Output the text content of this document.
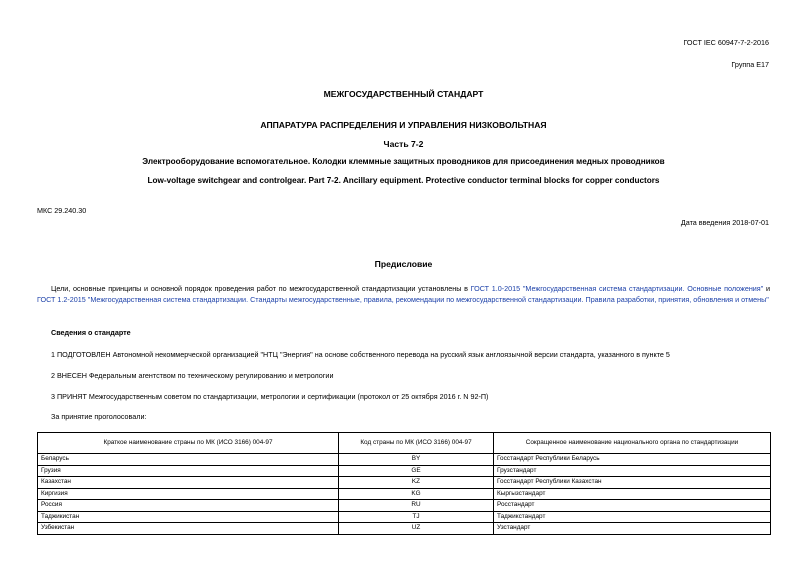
ГОСТ IEC 60947-7-2-2016
Группа Е17
МЕЖГОСУДАРСТВЕННЫЙ СТАНДАРТ
АППАРАТУРА РАСПРЕДЕЛЕНИЯ И УПРАВЛЕНИЯ НИЗКОВОЛЬТНАЯ
Часть 7-2
Электрооборудование вспомогательное. Колодки клеммные защитных проводников для присоединения медных проводников
Low-voltage switchgear and controlgear. Part 7-2. Ancillary equipment. Protective conductor terminal blocks for copper conductors
МКС 29.240.30
Дата введения 2018-07-01
Предисловие
Цели, основные принципы и основной порядок проведения работ по межгосударственной стандартизации установлены в ГОСТ 1.0-2015 "Межгосударственная система стандартизации. Основные положения" и ГОСТ 1.2-2015 "Межгосударственная система стандартизации. Стандарты межгосударственные, правила, рекомендации по межгосударственной стандартизации. Правила разработки, принятия, обновления и отмены"
Сведения о стандарте
1 ПОДГОТОВЛЕН Автономной некоммерческой организацией "НТЦ "Энергия" на основе собственного перевода на русский язык англоязычной версии стандарта, указанного в пункте 5
2 ВНЕСЕН Федеральным агентством по техническому регулированию и метрологии
3 ПРИНЯТ Межгосударственным советом по стандартизации, метрологии и сертификации (протокол от 25 октября 2016 г. N 92-П)
За принятие проголосовали:
Краткое наименование страны по МК (ИСО 3166) 004-97	Код страны по МК (ИСО 3166) 004-97	Сокращенное наименование национального органа по стандартизации
Беларусь	BY	Госстандарт Республики Беларусь
Грузия	GE	Грузстандарт
Казахстан	KZ	Госстандарт Республики Казахстан
Киргизия	KG	Кыргызстандарт
Россия	RU	Росстандарт
Таджикистан	TJ	Таджикстандарт
Узбекистан	UZ	Узстандарт
